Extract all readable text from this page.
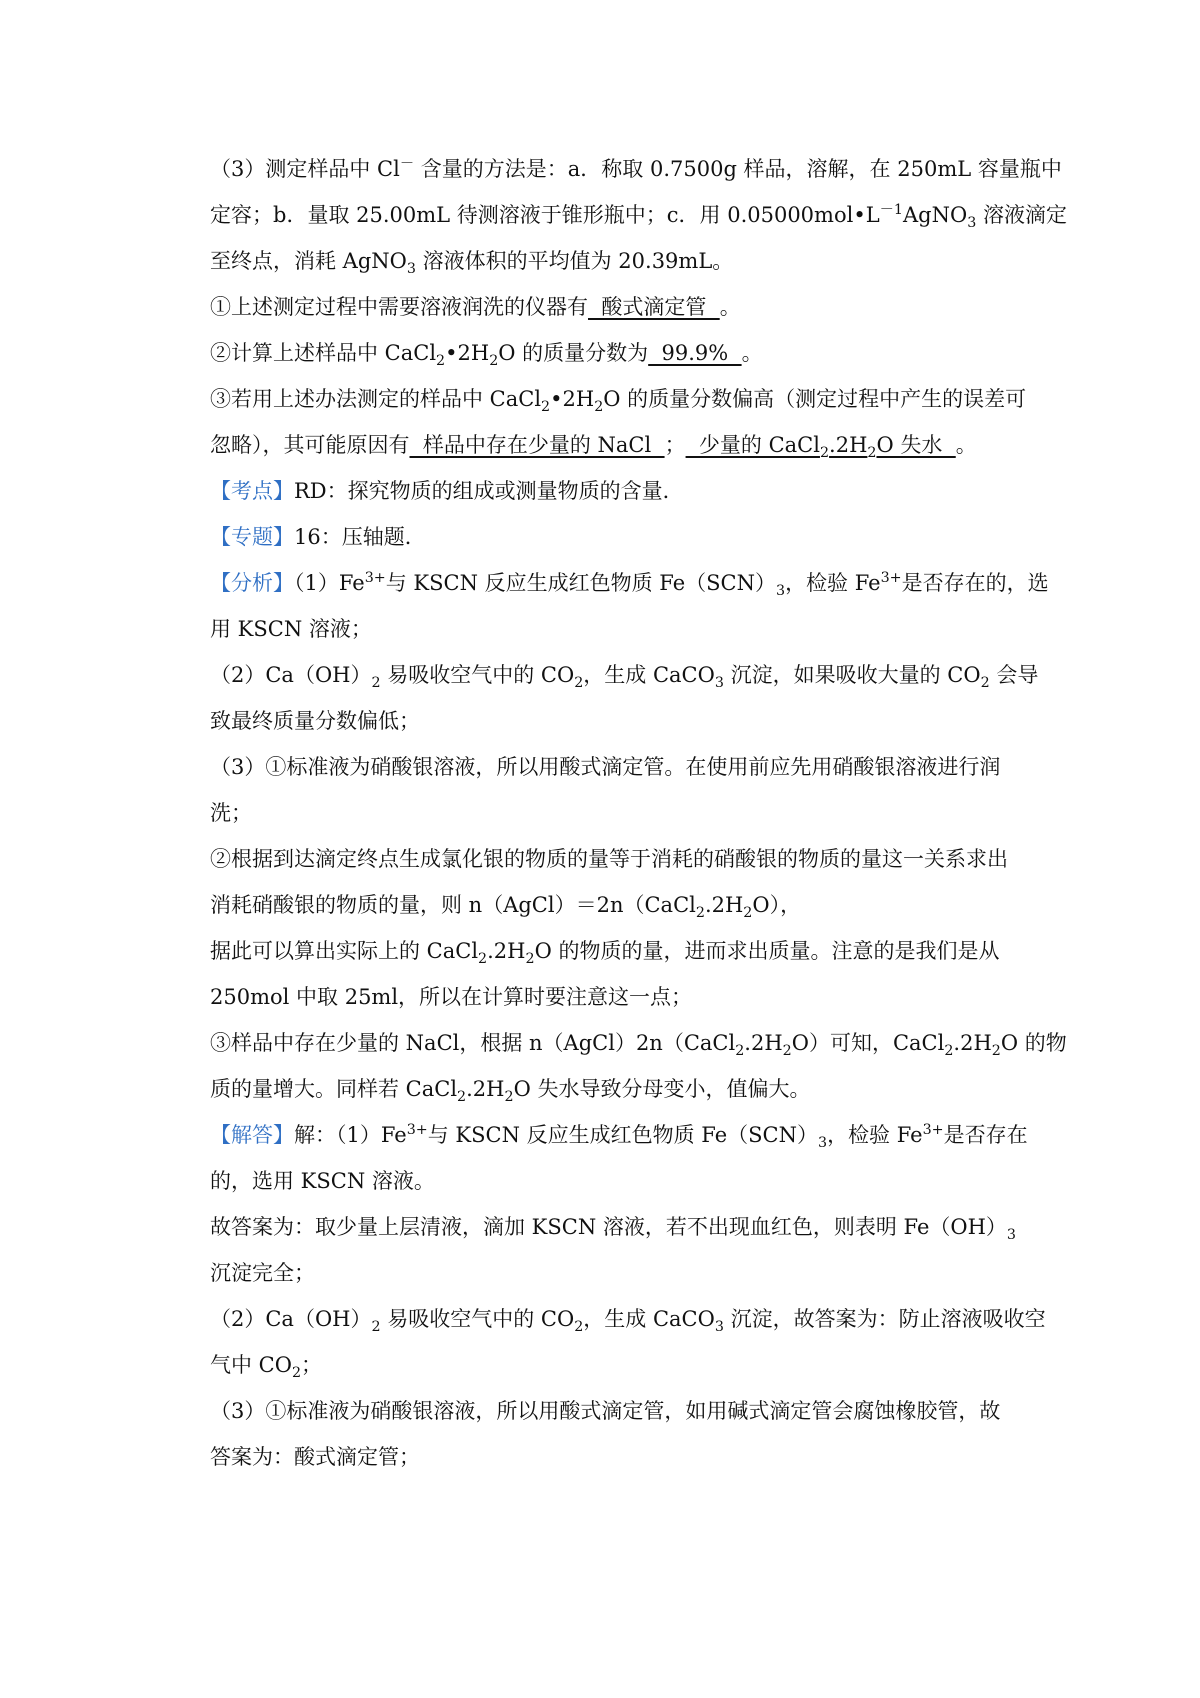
（3）测定样品中 Cl－ 含量的方法是：a．称取 0.7500g 样品，溶解，在 250mL 容量瓶中
定容；b．量取 25.00mL 待测溶液于锥形瓶中；c．用 $0.05000mol•L^{-1}AgNO_3$ 溶液滴定
至终点，消耗 AgNO$_3$ 溶液体积的平均值为 20.39mL。
①上述测定过程中需要溶液润洗的仪器有  酸式滴定管  。
②计算上述样品中 $CaCl_2•2H_2O$ 的质量分数为  99.9%  。
③若用上述办法测定的样品中 $CaCl_2•2H_2O$ 的质量分数偏高（测定过程中产生的误差可
忽略），其可能原因有  样品中存在少量的 NaCl  ；  少量的 $CaCl_2.2H_2O$ 失水  。
【考点】RD：探究物质的组成或测量物质的含量．
【专题】16：压轴题．
【分析】$(1)Fe^{3+}$与 KSCN 反应生成红色物质 $Fe(SCN)_3$，检验 $Fe^{3+}$是否存在的，选
用 KSCN 溶液；
$(2)Ca(OH)_2$ 易吸收空气中的 $CO_2$，生成 CaCO$_3$ 沉淀，如果吸收大量的 $CO_2$ 会导
致最终质量分数偏低；
（3）①标准液为硝酸银溶液，所以用酸式滴定管。在使用前应先用硝酸银溶液进行润
洗；
②根据到达滴定终点生成氯化银的物质的量等于消耗的硝酸银的物质的量这一关系求出
消耗硝酸银的物质的量，则 $n(AgCl)=2n(CaCl_2.2H_2O)$，
据此可以算出实际上的 $CaCl_2.2H_2O$ 的物质的量，进而求出质量。注意的是我们是从
250mol 中取 25ml，所以在计算时要注意这一点；
③样品中存在少量的 NaCl，根据 $n(AgCl)2n(CaCl_2.2H_2O)$可知，$CaCl_2.2H_2O$ 的物
质的量增大。同样若 $CaCl_2.2H_2O$ 失水导致分母变小，值偏大。
【解答】解：$(1)Fe^{3+}$与 KSCN 反应生成红色物质 $Fe(SCN)_3$，检验 $Fe^{3+}$是否存在
的，选用 KSCN 溶液。
故答案为：取少量上层清液，滴加 KSCN 溶液，若不出现血红色，则表明 $Fe(OH)_3$
沉淀完全；
$(2)Ca(OH)_2$ 易吸收空气中的 $CO_2$，生成 CaCO$_3$ 沉淀，故答案为：防止溶液吸收空
气中 $CO_2$；
（3）①标准液为硝酸银溶液，所以用酸式滴定管，如用碱式滴定管会腐蚀橡胶管，故
答案为：酸式滴定管；
